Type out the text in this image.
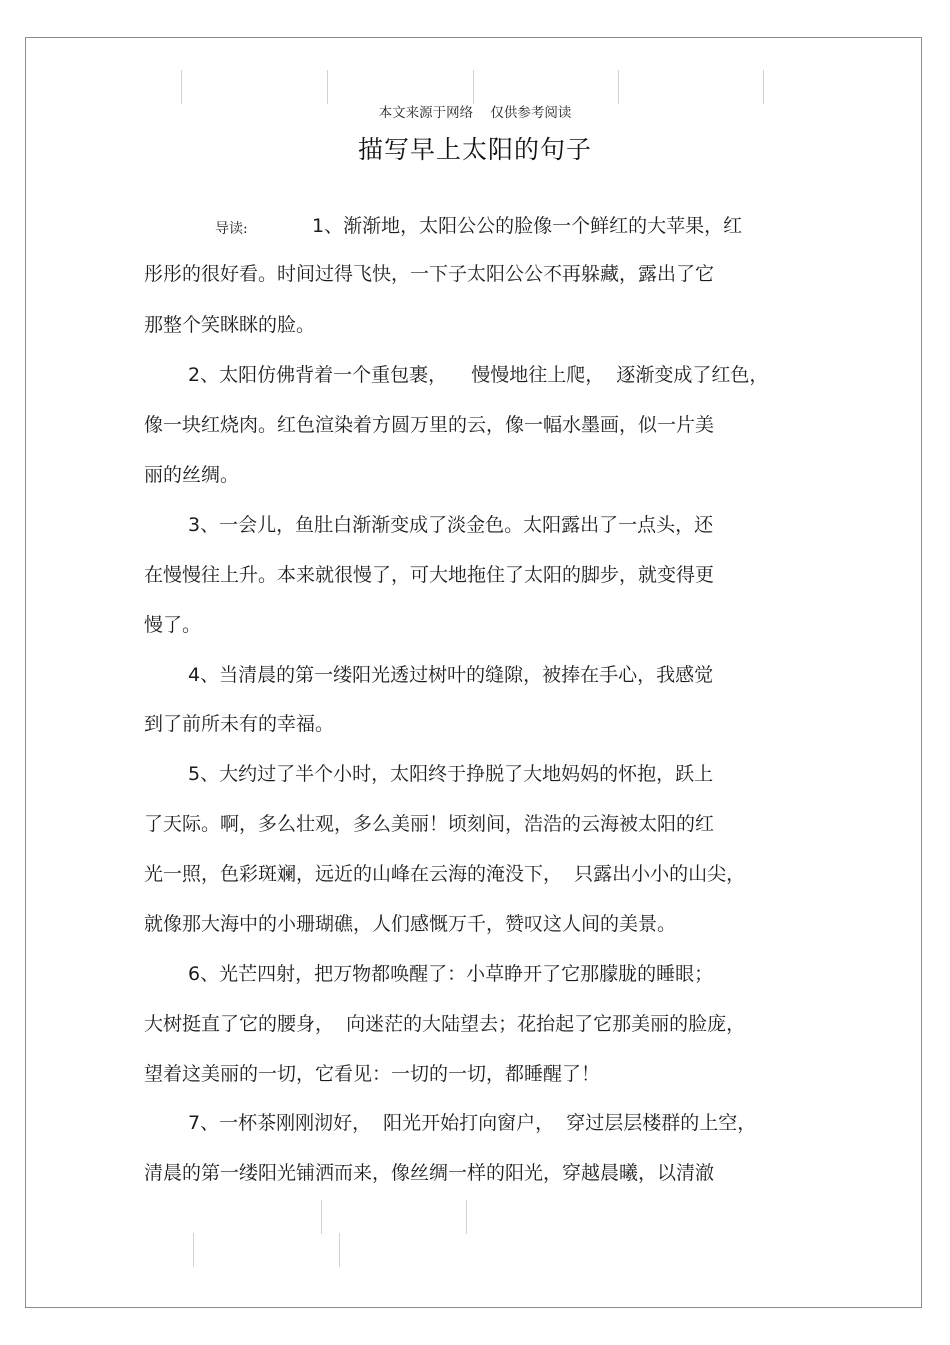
本文来源于网络    仅供参考阅读
描写早上太阳的句子
导读:	1、渐渐地，太阳公公的脸像一个鲜红的大苹果，红
彤彤的很好看。时间过得飞快，一下子太阳公公不再躲藏，露出了它
那整个笑眯眯的脸。
2、太阳仿佛背着一个重包裹，    慢慢地往上爬，  逐渐变成了红色，
像一块红烧肉。红色渲染着方圆万里的云，像一幅水墨画，似一片美
丽的丝绸。
3、一会儿，鱼肚白渐渐变成了淡金色。太阳露出了一点头，还
在慢慢往上升。本来就很慢了，可大地拖住了太阳的脚步，就变得更
慢了。
4、当清晨的第一缕阳光透过树叶的缝隙，被捧在手心，我感觉
到了前所未有的幸福。
5、大约过了半个小时，太阳终于挣脱了大地妈妈的怀抱，跃上
了天际。啊，多么壮观，多么美丽！顷刻间，浩浩的云海被太阳的红
光一照，色彩斑斓，远近的山峰在云海的淹没下，  只露出小小的山尖，
就像那大海中的小珊瑚礁，人们感慨万千，赞叹这人间的美景。
6、光芒四射，把万物都唤醒了：小草睁开了它那朦胧的睡眼；
大树挺直了它的腰身，  向迷茫的大陆望去；花抬起了它那美丽的脸庞，
望着这美丽的一切，它看见：一切的一切，都睡醒了！
7、一杯茶刚刚沏好，  阳光开始打向窗户，  穿过层层楼群的上空，
清晨的第一缕阳光铺洒而来，像丝绸一样的阳光，穿越晨曦，以清澈
